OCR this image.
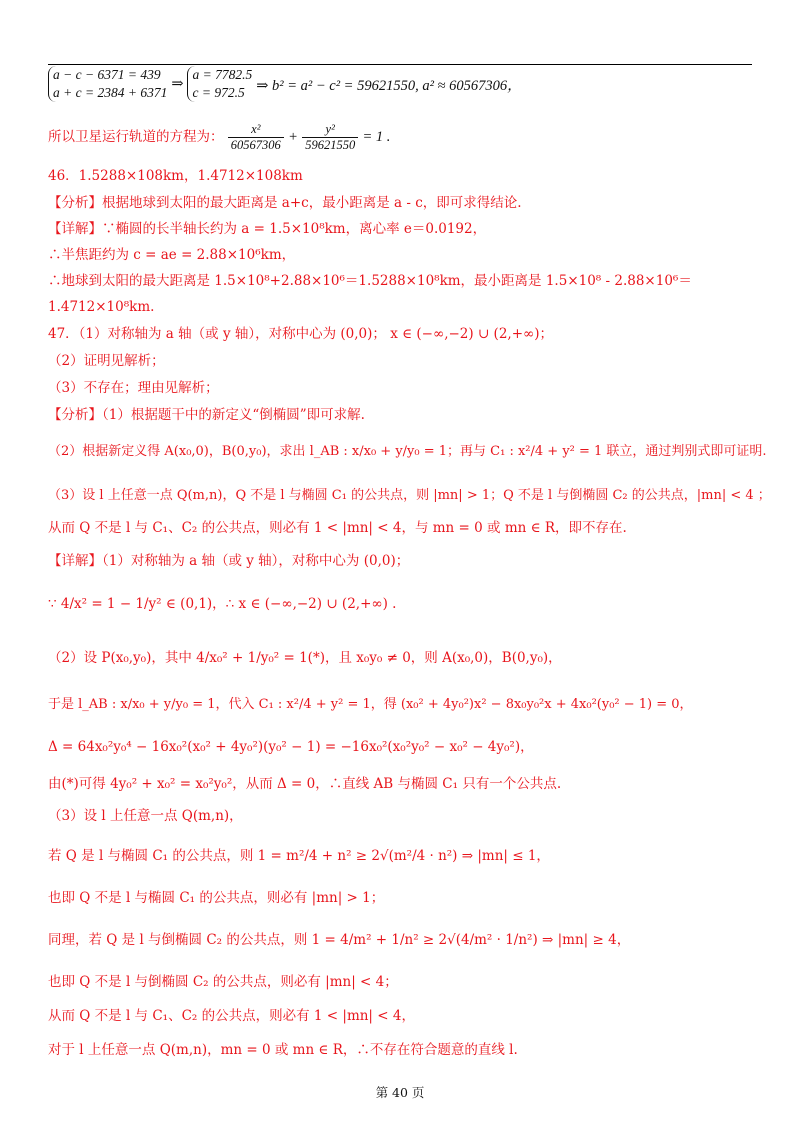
a − c − 6371 = 439
a + c = 2384 + 6371
⇒
a = 7782.5
c = 972.5 ⇒ b² = a² − c² = 59621550, a² ≈ 60567306，
所以卫星运行轨道的方程为： $\frac{\text{x²}}{60567306} + \frac{\text{y²}}{59621550} = 1$ .
46．1.5288×108km，1.4712×108km
【分析】根据地球到太阳的最大距离是 a+c，最小距离是 a - c，即可求得结论.
【详解】∵椭圆的长半轴长约为 a = 1.5×10⁸km，离心率 e＝0.0192，
∴半焦距约为 c = ae = 2.88×10⁶km，
∴地球到太阳的最大距离是 1.5×10⁸+2.88×10⁶＝1.5288×10⁸km，最小距离是 1.5×10⁸ - 2.88×10⁶＝
1.4712×10⁸km.
47．（1）对称轴为 a 轴（或 y 轴），对称中心为 (0,0)； x ∈ (−∞,−2) ∪ (2,+∞)；
（2）证明见解析；
（3）不存在；理由见解析；
【分析】（1）根据题干中的新定义“倒椭圆”即可求解.
（2）根据新定义得 A(x₀,0)，B(0,y₀)，求出 l_AB : x/x₀ + y/y₀ = 1；再与 C₁ : x²/4 + y² = 1 联立，通过判别式即可证明.
（3）设 l 上任意一点 Q(m,n)，Q 不是 l 与椭圆 C₁ 的公共点，则 |mn| > 1；Q 不是 l 与倒椭圆 C₂ 的公共点，|mn| < 4 ；
从而 Q 不是 l 与 C₁、C₂ 的公共点，则必有 1 < |mn| < 4，与 mn = 0 或 mn ∈ R，即不存在.
【详解】（1）对称轴为 a 轴（或 y 轴），对称中心为 (0,0)；
∵ 4/x² = 1 − 1/y² ∈ (0,1)，∴ x ∈ (−∞,−2) ∪ (2,+∞) .
（2）设 P(x₀,y₀)，其中 4/x₀² + 1/y₀² = 1(*)，且 x₀y₀ ≠ 0，则 A(x₀,0)，B(0,y₀)，
于是 l_AB : x/x₀ + y/y₀ = 1，代入 C₁ : x²/4 + y² = 1，得 (x₀² + 4y₀²)x² − 8x₀y₀²x + 4x₀²(y₀² − 1) = 0，
Δ = 64x₀²y₀⁴ − 16x₀²(x₀² + 4y₀²)(y₀² − 1) = −16x₀²(x₀²y₀² − x₀² − 4y₀²)，
由(*)可得 4y₀² + x₀² = x₀²y₀²，从而 Δ = 0，∴直线 AB 与椭圆 C₁ 只有一个公共点.
（3）设 l 上任意一点 Q(m,n)，
若 Q 是 l 与椭圆 C₁ 的公共点，则 1 = m²/4 + n² ≥ 2√(m²/4 · n²) ⇒ |mn| ≤ 1，
也即 Q 不是 l 与椭圆 C₁ 的公共点，则必有 |mn| > 1；
同理，若 Q 是 l 与倒椭圆 C₂ 的公共点，则 1 = 4/m² + 1/n² ≥ 2√(4/m² · 1/n²) ⇒ |mn| ≥ 4，
也即 Q 不是 l 与倒椭圆 C₂ 的公共点，则必有 |mn| < 4；
从而 Q 不是 l 与 C₁、C₂ 的公共点，则必有 1 < |mn| < 4，
对于 l 上任意一点 Q(m,n)，mn = 0 或 mn ∈ R，∴不存在符合题意的直线 l.
第 40 页
